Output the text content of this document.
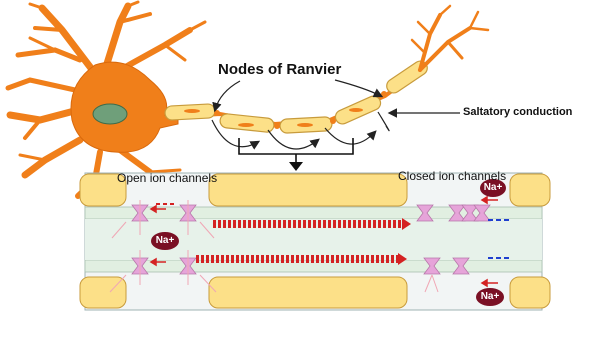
Nodes of Ranvier
Saltatory conduction
Open ion channels	Closed ion channels
Na+
Na+
Na+
